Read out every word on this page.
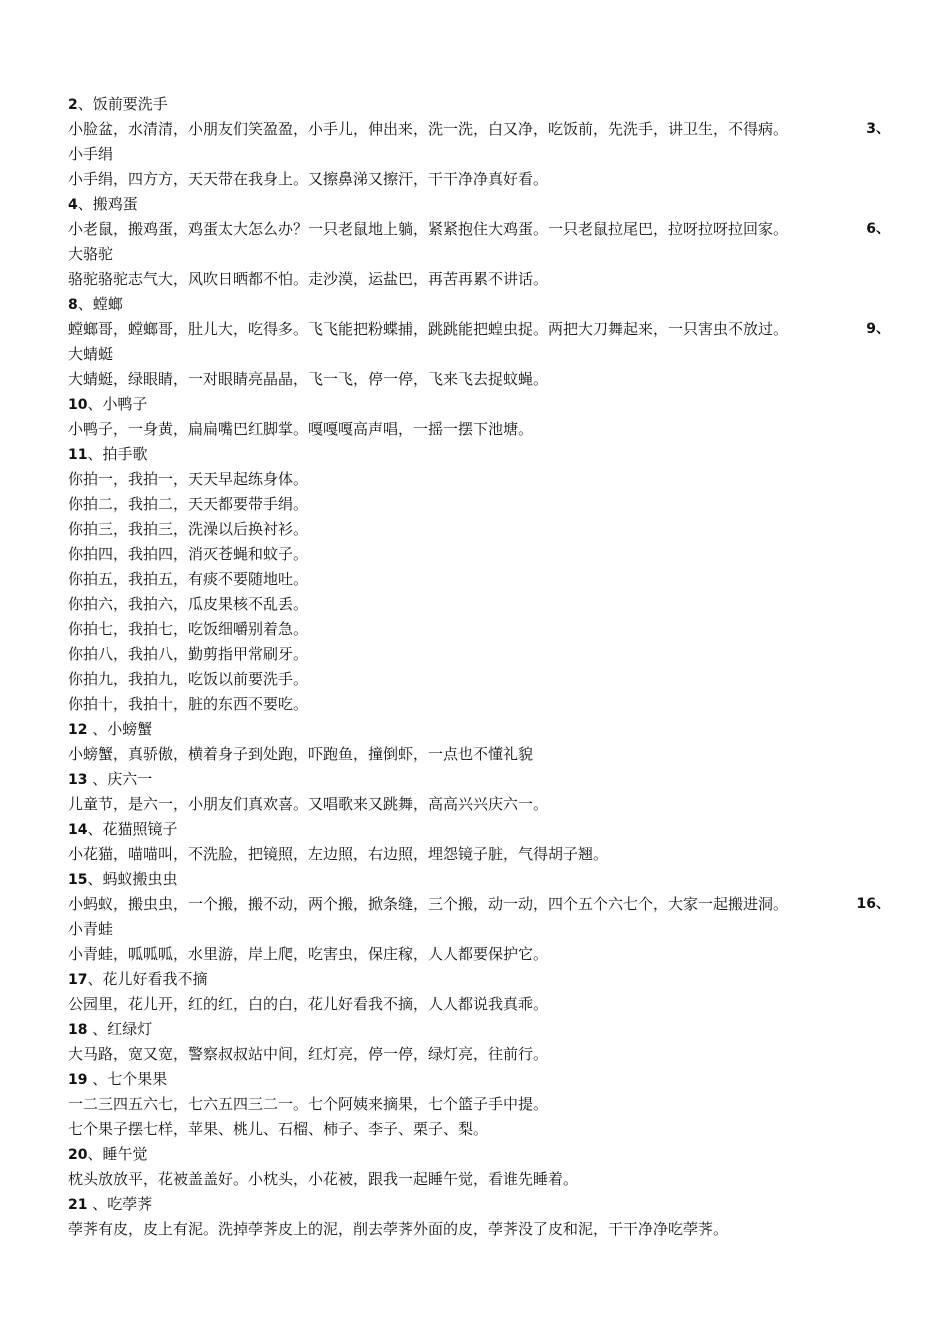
2、饭前要洗手
3、
小脸盆，水清清，小朋友们笑盈盈，小手儿，伸出来，洗一洗，白又净，吃饭前，先洗手，讲卫生，不得病。
小手绢
小手绢，四方方，天天带在我身上。又擦鼻涕又擦汗，干干净净真好看。
4、搬鸡蛋
6、
小老鼠，搬鸡蛋，鸡蛋太大怎么办？一只老鼠地上躺，紧紧抱住大鸡蛋。一只老鼠拉尾巴，拉呀拉呀拉回家。
大骆驼
骆驼骆驼志气大，风吹日晒都不怕。走沙漠，运盐巴，再苦再累不讲话。
8、螳螂
9、
螳螂哥，螳螂哥，肚儿大，吃得多。飞飞能把粉蝶捕，跳跳能把蝗虫捉。两把大刀舞起来，一只害虫不放过。
大蜻蜓
大蜻蜓，绿眼睛，一对眼睛亮晶晶，飞一飞，停一停，飞来飞去捉蚊蝇。
10、小鸭子
小鸭子，一身黄，扁扁嘴巴红脚掌。嘎嘎嘎高声唱，一摇一摆下池塘。
11、拍手歌
你拍一，我拍一，天天早起练身体。
你拍二，我拍二，天天都要带手绢。
你拍三，我拍三，洗澡以后换衬衫。
你拍四，我拍四，消灭苍蝇和蚊子。
你拍五，我拍五，有痰不要随地吐。
你拍六，我拍六，瓜皮果核不乱丢。
你拍七，我拍七，吃饭细嚼别着急。
你拍八，我拍八，勤剪指甲常刷牙。
你拍九，我拍九，吃饭以前要洗手。
你拍十，我拍十，脏的东西不要吃。
12 、小螃蟹
小螃蟹，真骄傲，横着身子到处跑，吓跑鱼，撞倒虾，一点也不懂礼貌
13 、庆六一
儿童节，是六一，小朋友们真欢喜。又唱歌来又跳舞，高高兴兴庆六一。
14、花猫照镜子
小花猫，喵喵叫，不洗脸，把镜照，左边照，右边照，埋怨镜子脏，气得胡子翘。
15、蚂蚁搬虫虫
16、
小蚂蚁，搬虫虫，一个搬，搬不动，两个搬，掀条缝，三个搬，动一动，四个五个六七个，大家一起搬进洞。
小青蛙
小青蛙，呱呱呱，水里游，岸上爬，吃害虫，保庄稼，人人都要保护它。
17、花儿好看我不摘
公园里，花儿开，红的红，白的白，花儿好看我不摘，人人都说我真乖。
18 、红绿灯
大马路，宽又宽，警察叔叔站中间，红灯亮，停一停，绿灯亮，往前行。
19 、七个果果
一二三四五六七，七六五四三二一。七个阿姨来摘果，七个篮子手中提。
七个果子摆七样，苹果、桃儿、石榴、柿子、李子、栗子、梨。
20、睡午觉
枕头放放平，花被盖盖好。小枕头，小花被，跟我一起睡午觉，看谁先睡着。
21 、吃荸荠
荸荠有皮，皮上有泥。洗掉荸荠皮上的泥，削去荸荠外面的皮，荸荠没了皮和泥，干干净净吃荸荠。
